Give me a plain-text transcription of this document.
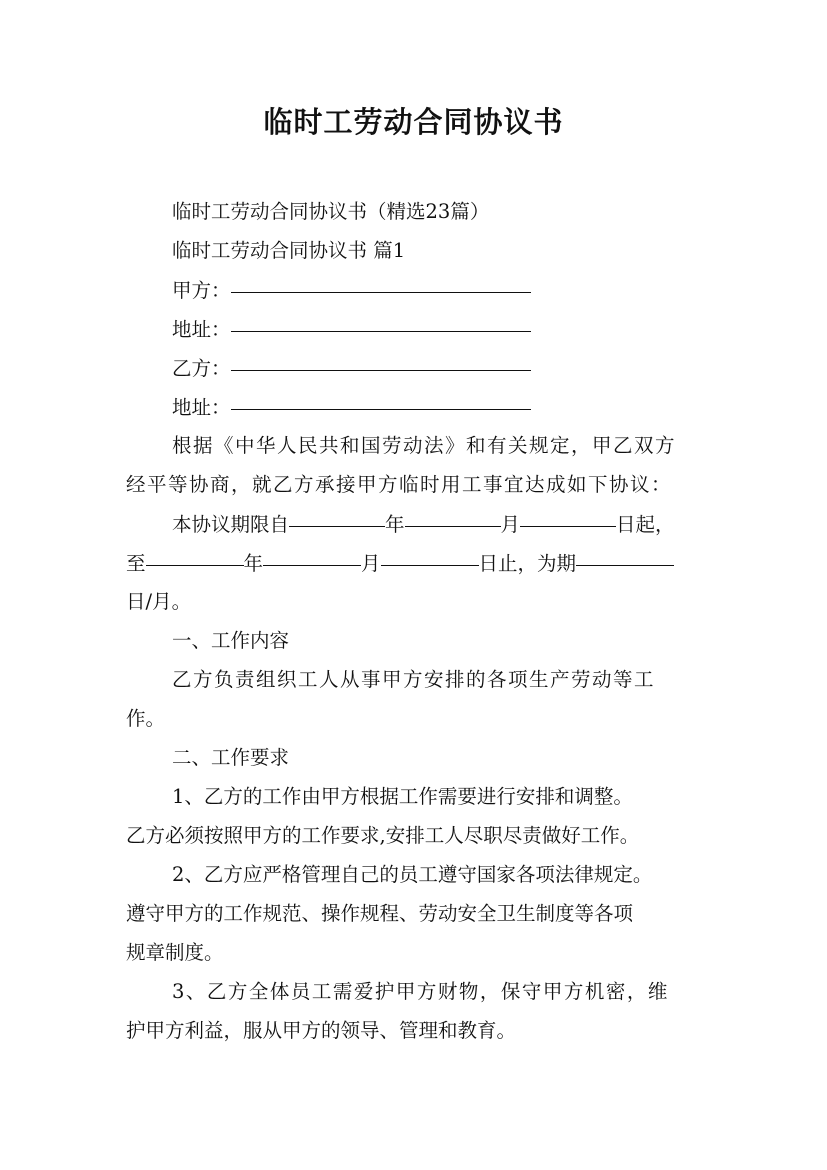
临时工劳动合同协议书
临时工劳动合同协议书（精选23篇）
临时工劳动合同协议书 篇1
甲方：
地址：
乙方：
地址：
根据《中华人民共和国劳动法》和有关规定，甲乙双方
经平等协商，就乙方承接甲方临时用工事宜达成如下协议：
本协议期限自	年	月	日起，
至	年	月	日止，为期
日/月。
一、工作内容
乙方负责组织工人从事甲方安排的各项生产劳动等工
作。
二、工作要求
1、乙方的工作由甲方根据工作需要进行安排和调整。
乙方必须按照甲方的工作要求,安排工人尽职尽责做好工作。
2、乙方应严格管理自己的员工遵守国家各项法律规定。
遵守甲方的工作规范、操作规程、劳动安全卫生制度等各项
规章制度。
3、乙方全体员工需爱护甲方财物，保守甲方机密，维
护甲方利益，服从甲方的领导、管理和教育。
